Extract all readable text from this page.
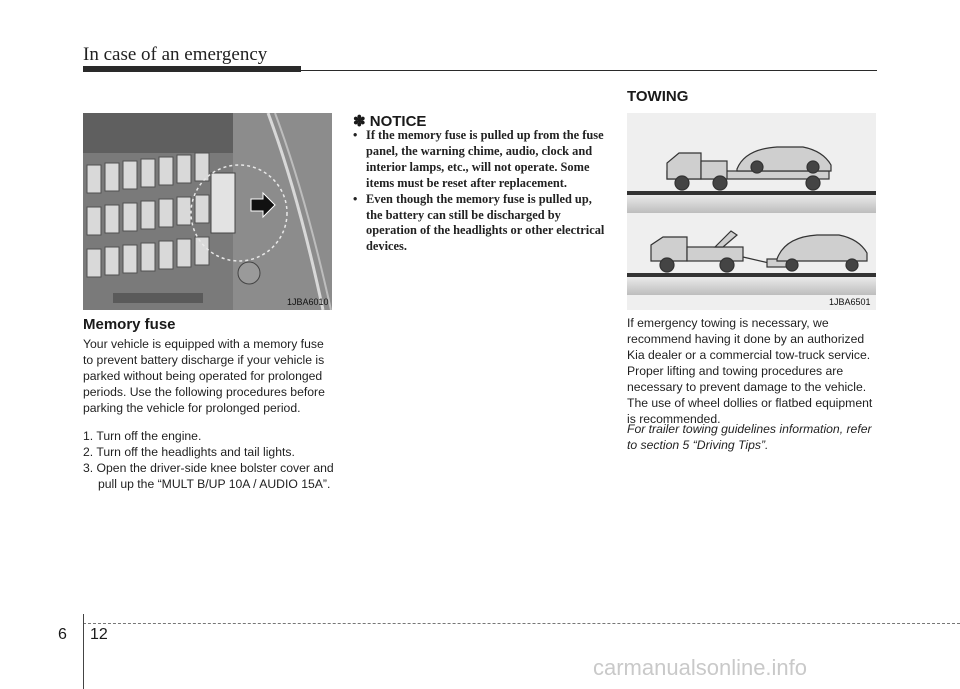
In case of an emergency
1JBA6010
Memory fuse

Your vehicle is equipped with a memory fuse to prevent battery discharge if your vehicle is parked without being operated for prolonged periods. Use the following procedures before parking the vehicle for prolonged period.

1. Turn off the engine.
2. Turn off the headlights and tail lights.
3. Open the driver-side knee bolster cover and pull up the “MULT B/UP 10A / AUDIO 15A”.
✽ NOTICE
• If the memory fuse is pulled up from the fuse panel, the warning chime, audio, clock and interior lamps, etc., will not operate. Some items must be reset after replacement.
• Even though the memory fuse is pulled up, the battery can still be discharged by operation of the headlights or other electrical devices.
TOWING
1JBA6501

If emergency towing is necessary, we recommend having it done by an authorized Kia dealer or a commercial tow-truck service. Proper lifting and towing procedures are necessary to prevent damage to the vehicle. The use of wheel dollies or flatbed equipment is recommended.

For trailer towing guidelines information, refer to section 5 “Driving Tips”.
6 12
carmanualsonline.info
